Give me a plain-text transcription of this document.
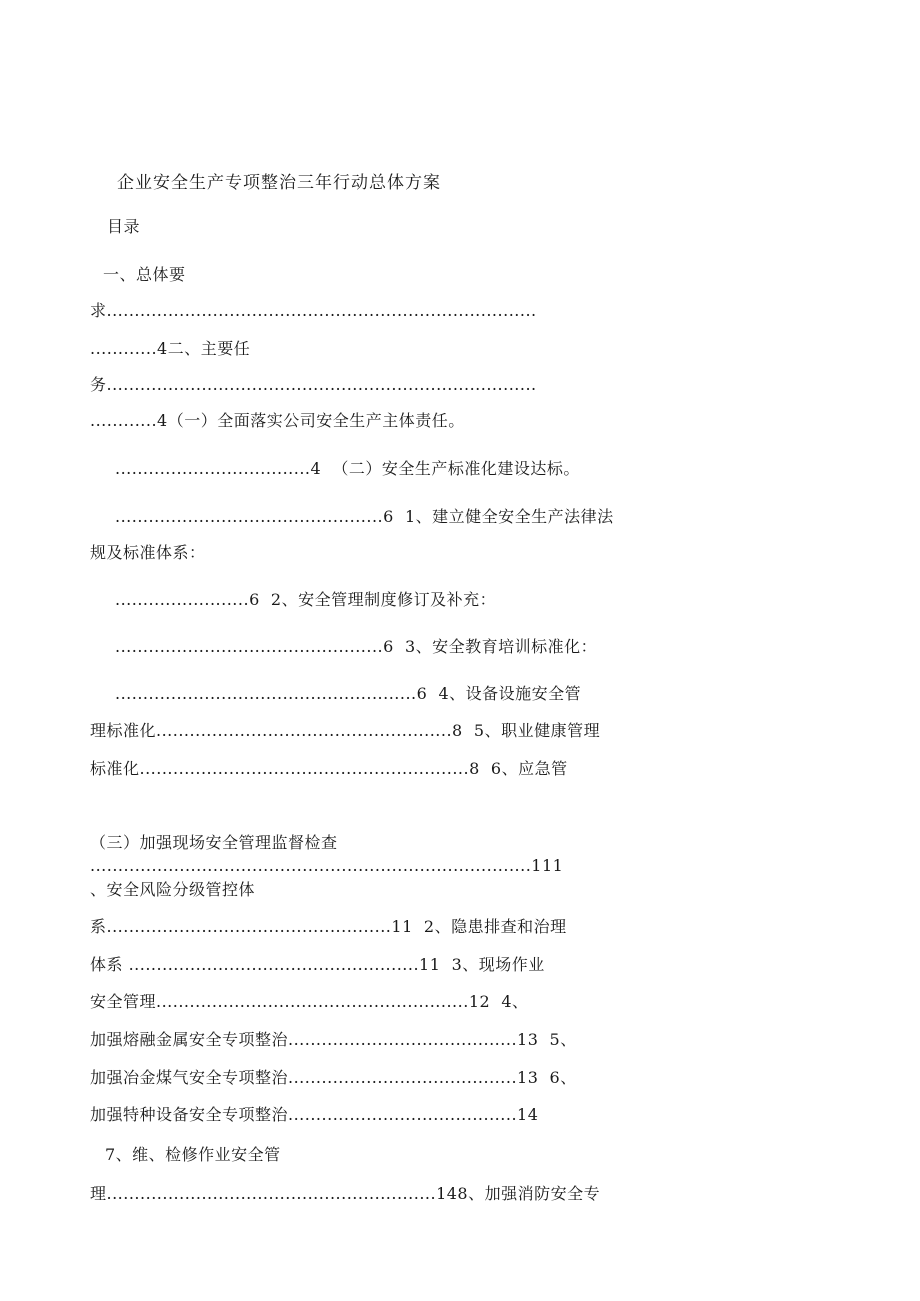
企业安全生产专项整治三年行动总体方案
目录
一、总体要
求.............................................................................
............4二、主要任
务.............................................................................
............4（一）全面落实公司安全生产主体责任。
...................................4  （二）安全生产标准化建设达标。
................................................6  1、建立健全安全生产法律法
规及标准体系：
........................6  2、安全管理制度修订及补充：
................................................6  3、安全教育培训标准化：
......................................................6  4、设备设施安全管
理标准化.....................................................8  5、职业健康管理
标准化...........................................................8  6、应急管
（三）加强现场安全管理监督检查
...............................................................................111
、安全风险分级管控体
系...................................................11  2、隐患排查和治理
体系 ....................................................11  3、现场作业
安全管理........................................................12  4、
加强熔融金属安全专项整治.........................................13  5、
加强冶金煤气安全专项整治.........................................13  6、
加强特种设备安全专项整治.........................................14
7、维、检修作业安全管
理...........................................................148、加强消防安全专
